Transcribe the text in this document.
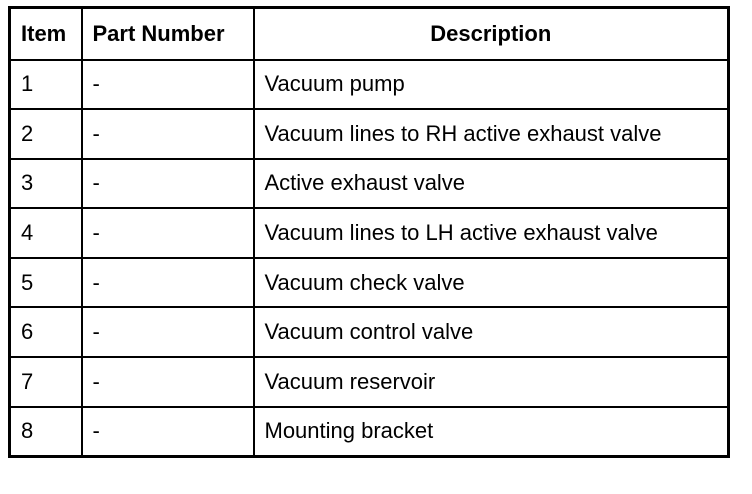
Item	Part Number	Description
1	-	Vacuum pump
2	-	Vacuum lines to RH active exhaust valve
3	-	Active exhaust valve
4	-	Vacuum lines to LH active exhaust valve
5	-	Vacuum check valve
6	-	Vacuum control valve
7	-	Vacuum reservoir
8	-	Mounting bracket
